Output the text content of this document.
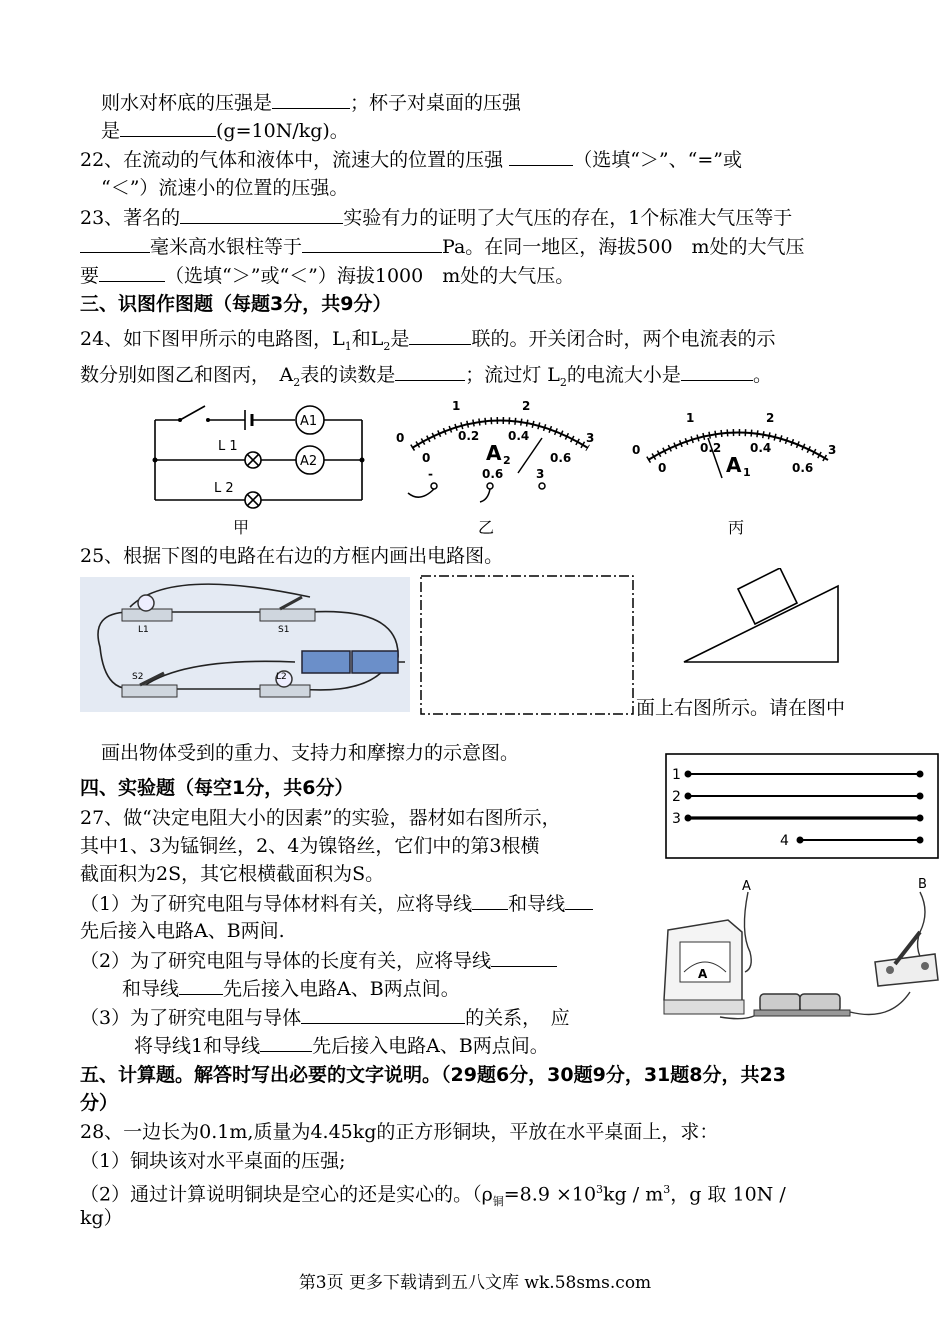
则水对杯底的压强是	；杯子对桌面的压强
是	(g=10N/kg)。
22、在流动的气体和液体中，流速大的位置的压强	（选填“＞”、“=”或
“＜”）流速小的位置的压强。
23、著名的	实验有力的证明了大气压的存在，1个标准大气压等于
毫米高水银柱等于	Pa。在同一地区，海拔500　m处的大气压
要	（选填“＞”或“＜”）海拔1000　m处的大气压。
三、识图作图题（每题3分，共9分）
24、如下图甲所示的电路图，$L_1$和$L_2$是	联的。开关闭合时，两个电流表的示
数分别如图乙和图丙，　$A_2$表的读数是	；流过灯 $L_2$的电流大小是	。
A1
A2
L 1
L 2
1	2
0	3
0
0.2 0.4
0.6
A 2
-	0.6	3
1	2
0	3
0
0.2 0.4
0.6
A 1
甲	乙	丙
25、根据下图的电路在右边的方框内画出电路图。
L1	S1
S2	L2
面上右图所示。请在图中
画出物体受到的重力、支持力和摩擦力的示意图。
四、实验题（每空1分，共6分）
27、做“决定电阻大小的因素”的实验，器材如右图所示，
其中1、3为锰铜丝，2、4为镍铬丝，它们中的第3根横
截面积为2S，其它根横截面积为S。
（1）为了研究电阻与导体材料有关，应将导线 和导线
先后接入电路A、B两间.
（2）为了研究电阻与导体的长度有关，应将导线
和导线 先后接入电路A、B两点间。
（3）为了研究电阻与导体	的关系，　应
将导线1和导线	先后接入电路A、B两点间。
1
2
3
4
A	B
A
五、计算题。解答时写出必要的文字说明。（29题6分，30题9分，31题8分，共23
分）
28、一边长为0.1m,质量为4.45kg的正方形铜块，平放在水平桌面上，求：
（1）铜块该对水平桌面的压强;
（2）通过计算说明铜块是空心的还是实心的。（$\rho_铜=8.9 \times 10^3kg / m^3$，g 取 10N /
kg）
第3页 更多下载请到五八文库 wk.58sms.com
